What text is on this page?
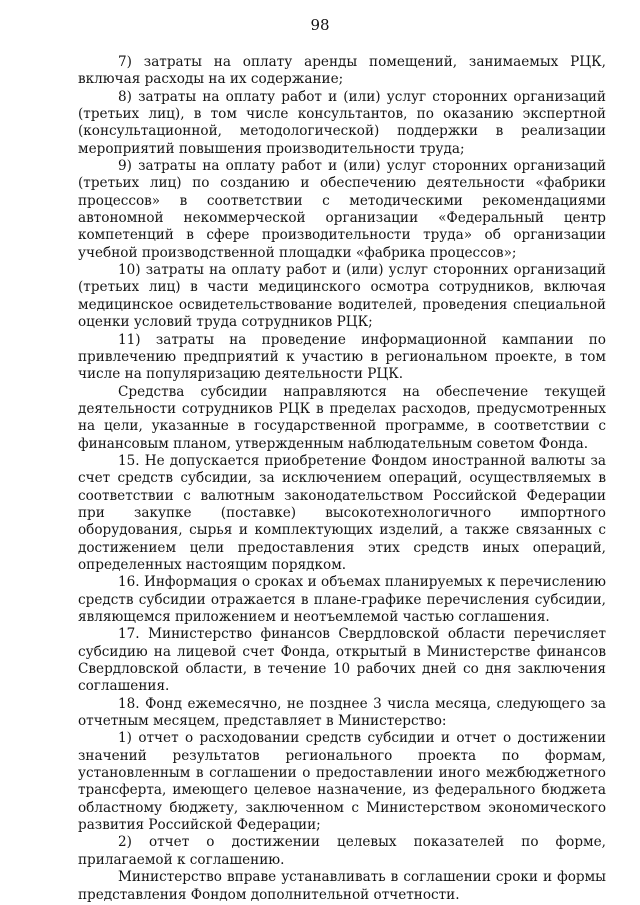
98

7) затраты на оплату аренды помещений, занимаемых РЦК, включая расходы на их содержание;

8) затраты на оплату работ и (или) услуг сторонних организаций (третьих лиц), в том числе консультантов, по оказанию экспертной (консультационной, методологической) поддержки в реализации мероприятий повышения производительности труда;

9) затраты на оплату работ и (или) услуг сторонних организаций (третьих лиц) по созданию и обеспечению деятельности «фабрики процессов» в соответствии с методическими рекомендациями автономной некоммерческой организации «Федеральный центр компетенций в сфере производительности труда» об организации учебной производственной площадки «фабрика процессов»;

10) затраты на оплату работ и (или) услуг сторонних организаций (третьих лиц) в части медицинского осмотра сотрудников, включая медицинское освидетельствование водителей, проведения специальной оценки условий труда сотрудников РЦК;

11) затраты на проведение информационной кампании по привлечению предприятий к участию в региональном проекте, в том числе на популяризацию деятельности РЦК.

Средства субсидии направляются на обеспечение текущей деятельности сотрудников РЦК в пределах расходов, предусмотренных на цели, указанные в государственной программе, в соответствии с финансовым планом, утвержденным наблюдательным советом Фонда.

15. Не допускается приобретение Фондом иностранной валюты за счет средств субсидии, за исключением операций, осуществляемых в соответствии с валютным законодательством Российской Федерации при закупке (поставке) высокотехнологичного импортного оборудования, сырья и комплектующих изделий, а также связанных с достижением цели предоставления этих средств иных операций, определенных настоящим порядком.

16. Информация о сроках и объемах планируемых к перечислению средств субсидии отражается в плане-графике перечисления субсидии, являющемся приложением и неотъемлемой частью соглашения.

17. Министерство финансов Свердловской области перечисляет субсидию на лицевой счет Фонда, открытый в Министерстве финансов Свердловской области, в течение 10 рабочих дней со дня заключения соглашения.

18. Фонд ежемесячно, не позднее 3 числа месяца, следующего за отчетным месяцем, представляет в Министерство:

1) отчет о расходовании средств субсидии и отчет о достижении значений результатов регионального проекта по формам, установленным в соглашении о предоставлении иного межбюджетного трансферта, имеющего целевое назначение, из федерального бюджета областному бюджету, заключенном с Министерством экономического развития Российской Федерации;

2) отчет о достижении целевых показателей по форме, прилагаемой к соглашению.

Министерство вправе устанавливать в соглашении сроки и формы представления Фондом дополнительной отчетности.
